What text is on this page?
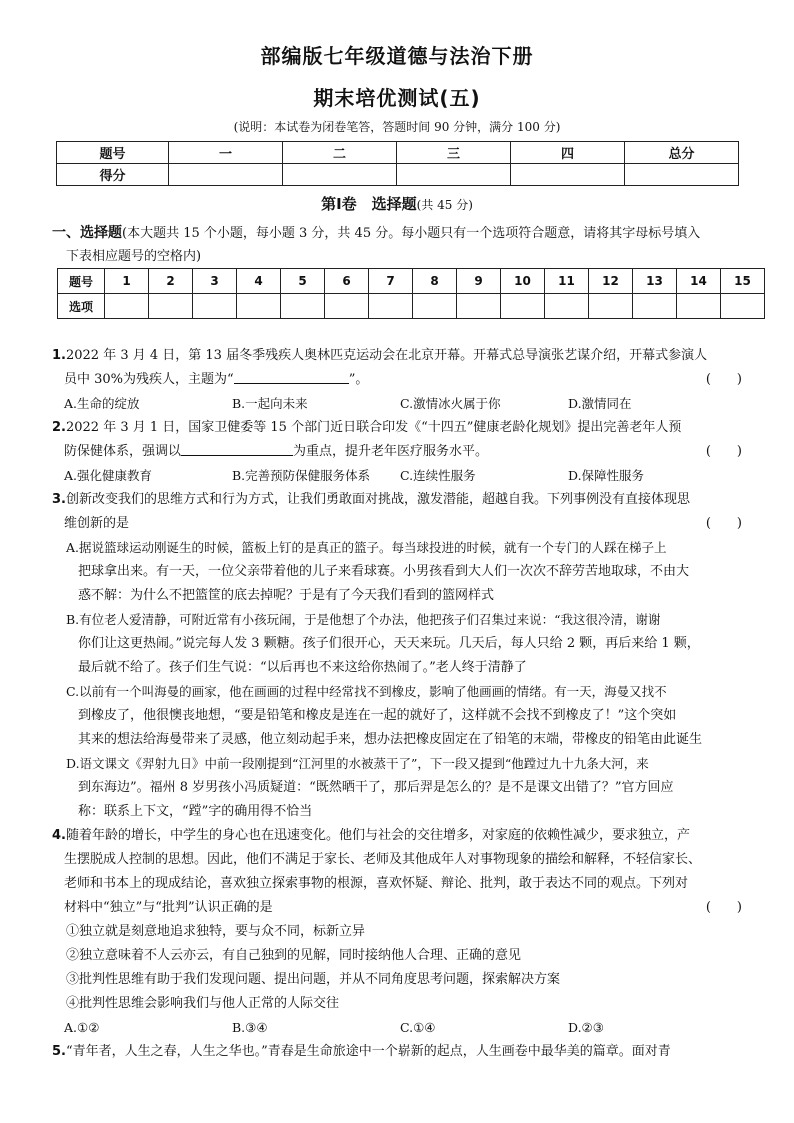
部编版七年级道德与法治下册
期末培优测试(五)
(说明：本试卷为闭卷笔答，答题时间 90 分钟，满分 100 分)
题号	一	二	三	四	总分
得分					
第Ⅰ卷　选择题(共 45 分)
一、选择题(本大题共 15 个小题，每小题 3 分，共 45 分。每小题只有一个选项符合题意，请将其字母标号填入
下表相应题号的空格内)
题号	1	2	3	4	5	6	7	8	9	10	11	12	13	14	15
选项															
1.2022 年 3 月 4 日，第 13 届冬季残疾人奥林匹克运动会在北京开幕。开幕式总导演张艺谋介绍，开幕式参演人
员中 30%为残疾人，主题为“	”。	(　　)
A.生命的绽放	B.一起向未来	C.激情冰火属于你	D.激情同在
2.2022 年 3 月 1 日，国家卫健委等 15 个部门近日联合印发《“十四五”健康老龄化规划》提出完善老年人预
防保健体系，强调以	为重点，提升老年医疗服务水平。	(　　)
A.强化健康教育	B.完善预防保健服务体系 C.连续性服务	D.保障性服务
3.创新改变我们的思维方式和行为方式，让我们勇敢面对挑战，激发潜能，超越自我。下列事例没有直接体现思
维创新的是	(　　)
A.据说篮球运动刚诞生的时候，篮板上钉的是真正的篮子。每当球投进的时候，就有一个专门的人踩在梯子上
把球拿出来。有一天，一位父亲带着他的儿子来看球赛。小男孩看到大人们一次次不辞劳苦地取球，不由大
惑不解：为什么不把篮筐的底去掉呢？于是有了今天我们看到的篮网样式
B.有位老人爱清静，可附近常有小孩玩闹，于是他想了个办法，他把孩子们召集过来说：“我这很冷清，谢谢
你们让这更热闹。”说完每人发 3 颗糖。孩子们很开心，天天来玩。几天后，每人只给 2 颗，再后来给 1 颗，
最后就不给了。孩子们生气说：“以后再也不来这给你热闹了。”老人终于清静了
C.以前有一个叫海曼的画家，他在画画的过程中经常找不到橡皮，影响了他画画的情绪。有一天，海曼又找不
到橡皮了，他很懊丧地想，“要是铅笔和橡皮是连在一起的就好了，这样就不会找不到橡皮了！”这个突如
其来的想法给海曼带来了灵感，他立刻动起手来，想办法把橡皮固定在了铅笔的末端，带橡皮的铅笔由此诞生
D.语文课文《羿射九日》中前一段刚提到“江河里的水被蒸干了”，下一段又提到“他蹚过九十九条大河，来
到东海边”。福州 8 岁男孩小冯质疑道：“既然晒干了，那后羿是怎么的？是不是课文出错了？”官方回应
称：联系上下文，“蹚”字的确用得不恰当
4.随着年龄的增长，中学生的身心也在迅速变化。他们与社会的交往增多，对家庭的依赖性减少，要求独立，产
生摆脱成人控制的思想。因此，他们不满足于家长、老师及其他成年人对事物现象的描绘和解释，不轻信家长、
老师和书本上的现成结论，喜欢独立探索事物的根源，喜欢怀疑、辩论、批判，敢于表达不同的观点。下列对
材料中“独立”与“批判”认识正确的是	(　　)
①独立就是刻意地追求独特，要与众不同，标新立异
②独立意味着不人云亦云，有自己独到的见解，同时接纳他人合理、正确的意见
③批判性思维有助于我们发现问题、提出问题，并从不同角度思考问题，探索解决方案
④批判性思维会影响我们与他人正常的人际交往
A.①②	B.③④	C.①④	D.②③
5.“青年者，人生之春，人生之华也。”青春是生命旅途中一个崭新的起点，人生画卷中最华美的篇章。面对青
